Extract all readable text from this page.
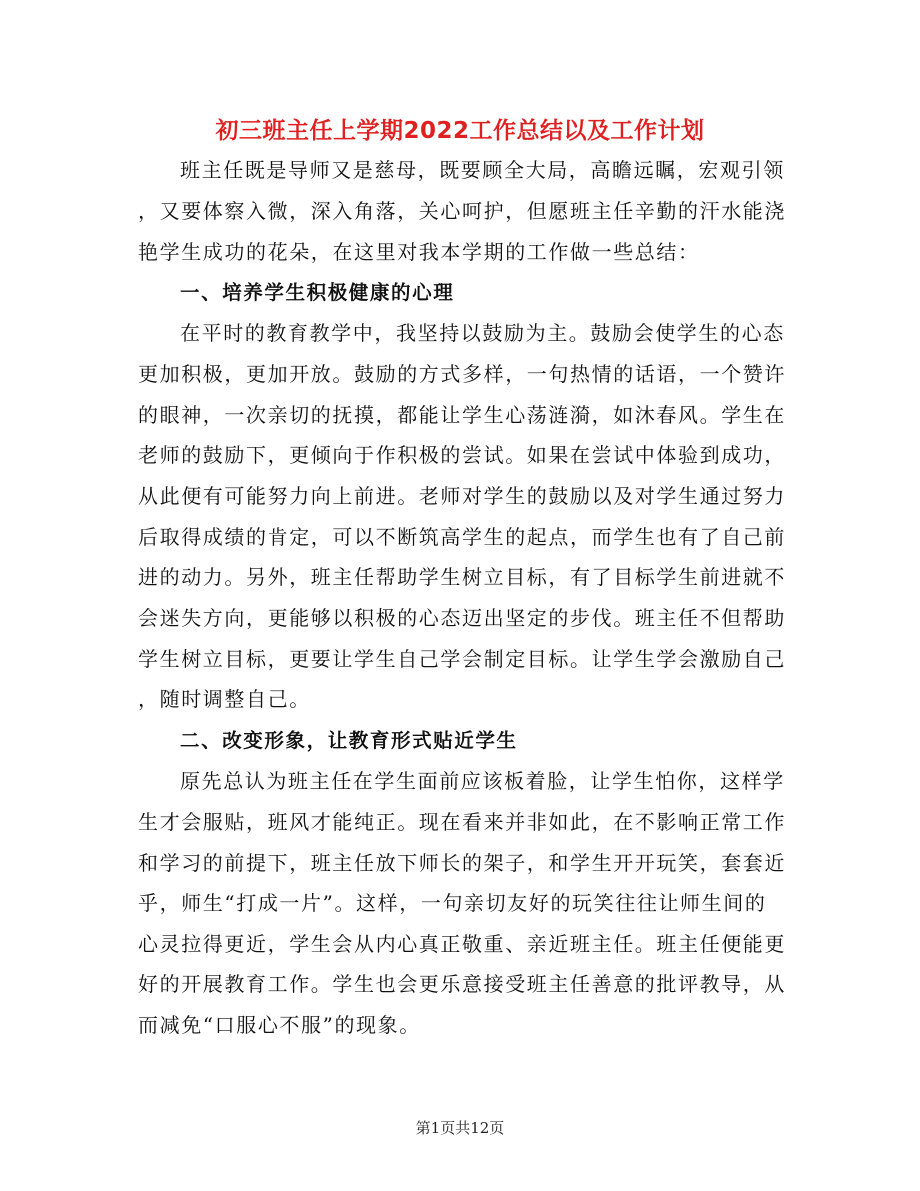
初三班主任上学期2022工作总结以及工作计划
班主任既是导师又是慈母，既要顾全大局，高瞻远瞩，宏观引领
，又要体察入微，深入角落，关心呵护，但愿班主任辛勤的汗水能浇
艳学生成功的花朵，在这里对我本学期的工作做一些总结：
一、培养学生积极健康的心理
在平时的教育教学中，我坚持以鼓励为主。鼓励会使学生的心态
更加积极，更加开放。鼓励的方式多样，一句热情的话语，一个赞许
的眼神，一次亲切的抚摸，都能让学生心荡涟漪，如沐春风。学生在
老师的鼓励下，更倾向于作积极的尝试。如果在尝试中体验到成功，
从此便有可能努力向上前进。老师对学生的鼓励以及对学生通过努力
后取得成绩的肯定，可以不断筑高学生的起点，而学生也有了自己前
进的动力。另外，班主任帮助学生树立目标，有了目标学生前进就不
会迷失方向，更能够以积极的心态迈出坚定的步伐。班主任不但帮助
学生树立目标，更要让学生自己学会制定目标。让学生学会激励自己
，随时调整自己。
二、改变形象，让教育形式贴近学生
原先总认为班主任在学生面前应该板着脸，让学生怕你，这样学
生才会服贴，班风才能纯正。现在看来并非如此，在不影响正常工作
和学习的前提下，班主任放下师长的架子，和学生开开玩笑，套套近
乎，师生“打成一片”。这样，一句亲切友好的玩笑往往让师生间的
心灵拉得更近，学生会从内心真正敬重、亲近班主任。班主任便能更
好的开展教育工作。学生也会更乐意接受班主任善意的批评教导，从
而减免“口服心不服”的现象。
第1页共12页
